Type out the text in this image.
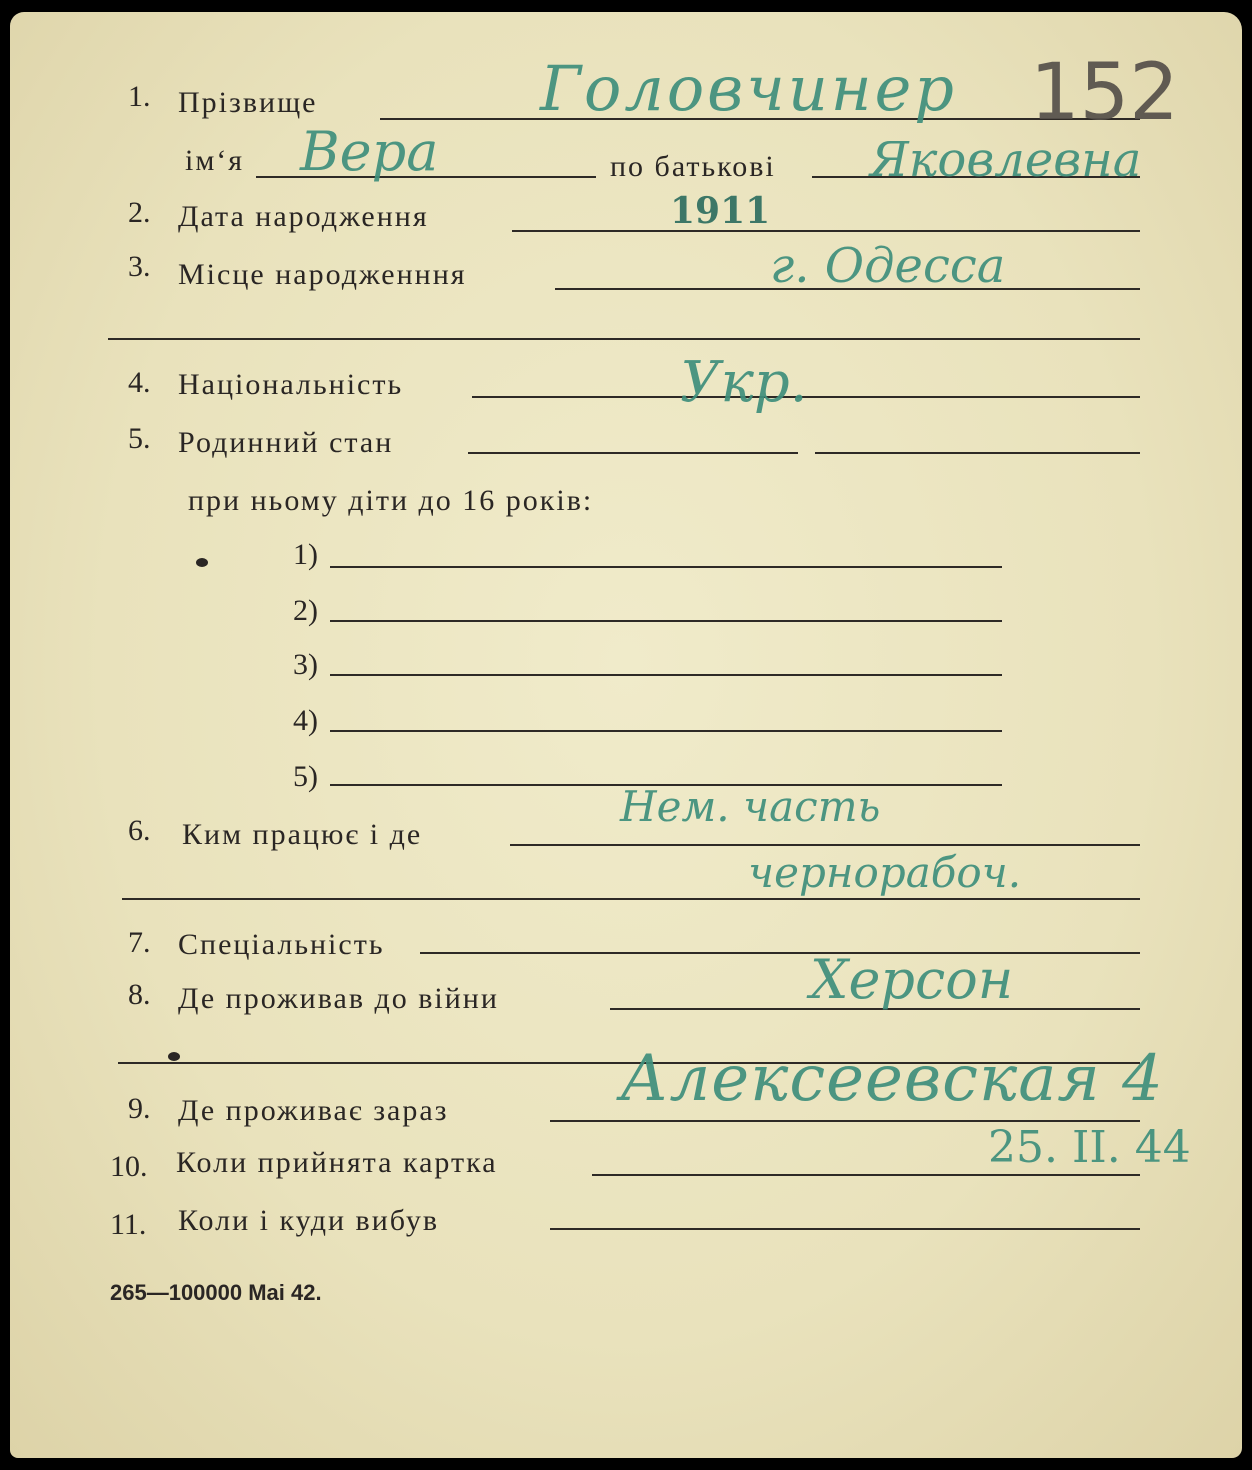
1. Прізвище	Головчинер 152
ім‘я Вера	по батькові Яковлевна
2. Дата народження	1911
3. Місце народженння	г. Одесса
4. Національність	Укр.
5. Родинний стан
при ньому діти до 16 років:
1)
2)
3)
4)
5)
6. Ким працює і де
Нем. часть
чернорабоч.
7. Спеціальність
8. Де проживав до війни	Херсон
9. Де проживає зараз	Алексеевская 4
10. Коли прийнята картка	25. II. 44
11. Коли і куди вибув
265—100000 Mai 42.
